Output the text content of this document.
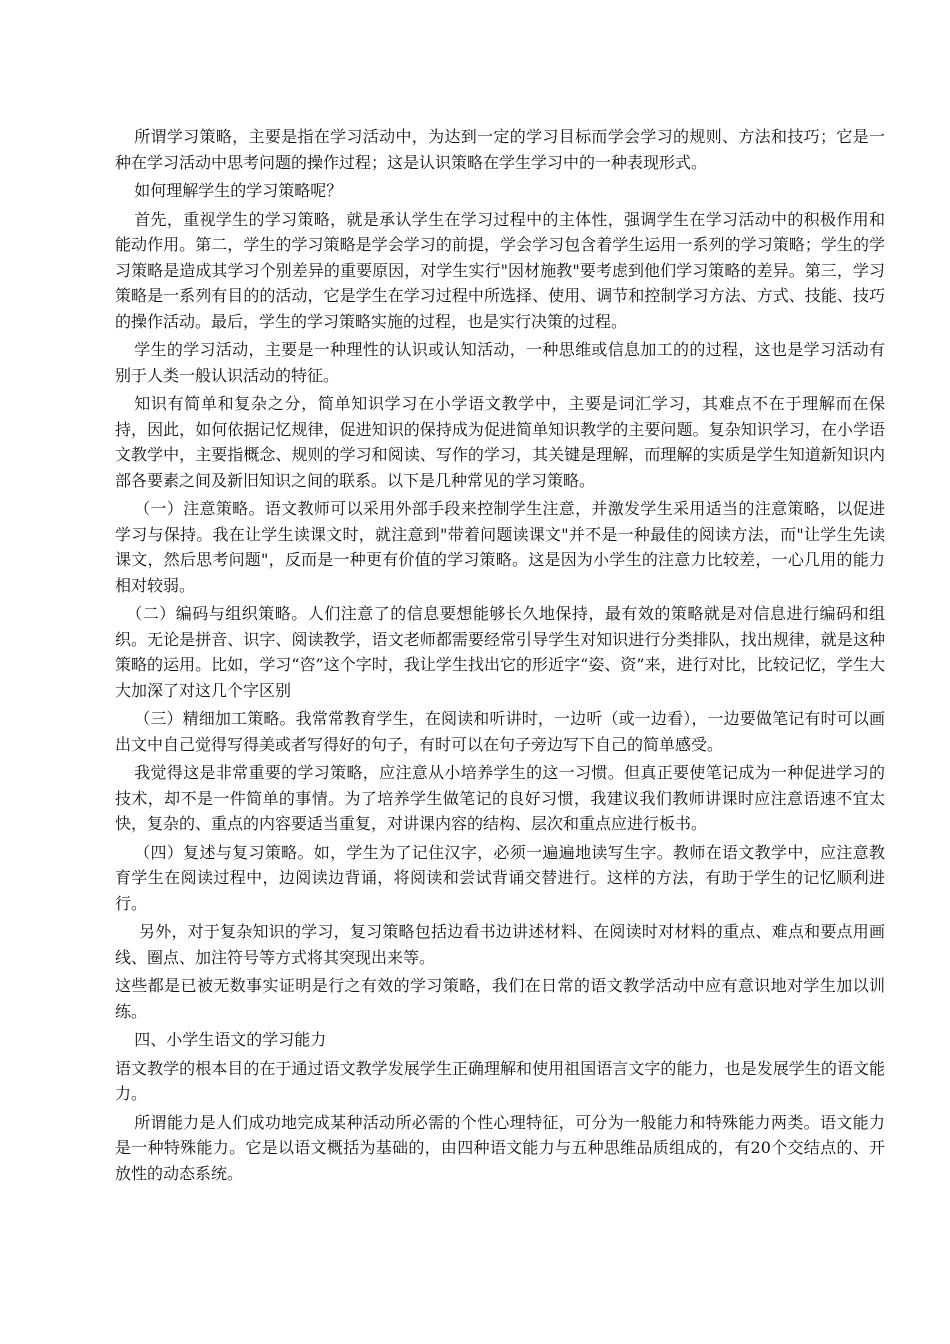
所谓学习策略，主要是指在学习活动中，为达到一定的学习目标而学会学习的规则、方法和技巧；它是一种在学习活动中思考问题的操作过程；这是认识策略在学生学习中的一种表现形式。

如何理解学生的学习策略呢？

首先，重视学生的学习策略，就是承认学生在学习过程中的主体性，强调学生在学习活动中的积极作用和能动作用。第二，学生的学习策略是学会学习的前提，学会学习包含着学生运用一系列的学习策略；学生的学习策略是造成其学习个别差异的重要原因，对学生实行"因材施教"要考虑到他们学习策略的差异。第三，学习策略是一系列有目的的活动，它是学生在学习过程中所选择、使用、调节和控制学习方法、方式、技能、技巧的操作活动。最后，学生的学习策略实施的过程，也是实行决策的过程。

学生的学习活动，主要是一种理性的认识或认知活动，一种思维或信息加工的的过程，这也是学习活动有别于人类一般认识活动的特征。

知识有简单和复杂之分，简单知识学习在小学语文教学中，主要是词汇学习，其难点不在于理解而在保持，因此，如何依据记忆规律，促进知识的保持成为促进简单知识教学的主要问题。复杂知识学习，在小学语文教学中，主要指概念、规则的学习和阅读、写作的学习，其关键是理解，而理解的实质是学生知道新知识内部各要素之间及新旧知识之间的联系。以下是几种常见的学习策略。

（一）注意策略。语文教师可以采用外部手段来控制学生注意，并激发学生采用适当的注意策略，以促进学习与保持。我在让学生读课文时，就注意到"带着问题读课文"并不是一种最佳的阅读方法，而"让学生先读课文，然后思考问题"，反而是一种更有价值的学习策略。这是因为小学生的注意力比较差，一心几用的能力相对较弱。

（二）编码与组织策略。人们注意了的信息要想能够长久地保持，最有效的策略就是对信息进行编码和组织。无论是拼音、识字、阅读教学，语文老师都需要经常引导学生对知识进行分类排队，找出规律，就是这种策略的运用。比如，学习“咨”这个字时，我让学生找出它的形近字“姿、资”来，进行对比，比较记忆，学生大大加深了对这几个字区别

（三）精细加工策略。我常常教育学生，在阅读和听讲时，一边听（或一边看），一边要做笔记有时可以画出文中自己觉得写得美或者写得好的句子，有时可以在句子旁边写下自己的简单感受。

我觉得这是非常重要的学习策略，应注意从小培养学生的这一习惯。但真正要使笔记成为一种促进学习的技术，却不是一件简单的事情。为了培养学生做笔记的良好习惯，我建议我们教师讲课时应注意语速不宜太快，复杂的、重点的内容要适当重复，对讲课内容的结构、层次和重点应进行板书。

（四）复述与复习策略。如，学生为了记住汉字，必须一遍遍地读写生字。教师在语文教学中，应注意教育学生在阅读过程中，边阅读边背诵，将阅读和尝试背诵交替进行。这样的方法，有助于学生的记忆顺利进行。

另外，对于复杂知识的学习，复习策略包括边看书边讲述材料、在阅读时对材料的重点、难点和要点用画线、圈点、加注符号等方式将其突现出来等。

这些都是已被无数事实证明是行之有效的学习策略，我们在日常的语文教学活动中应有意识地对学生加以训练。

四、小学生语文的学习能力

语文教学的根本目的在于通过语文教学发展学生正确理解和使用祖国语言文字的能力，也是发展学生的语文能力。

所谓能力是人们成功地完成某种活动所必需的个性心理特征，可分为一般能力和特殊能力两类。语文能力是一种特殊能力。它是以语文概括为基础的，由四种语文能力与五种思维品质组成的，有20个交结点的、开放性的动态系统。
